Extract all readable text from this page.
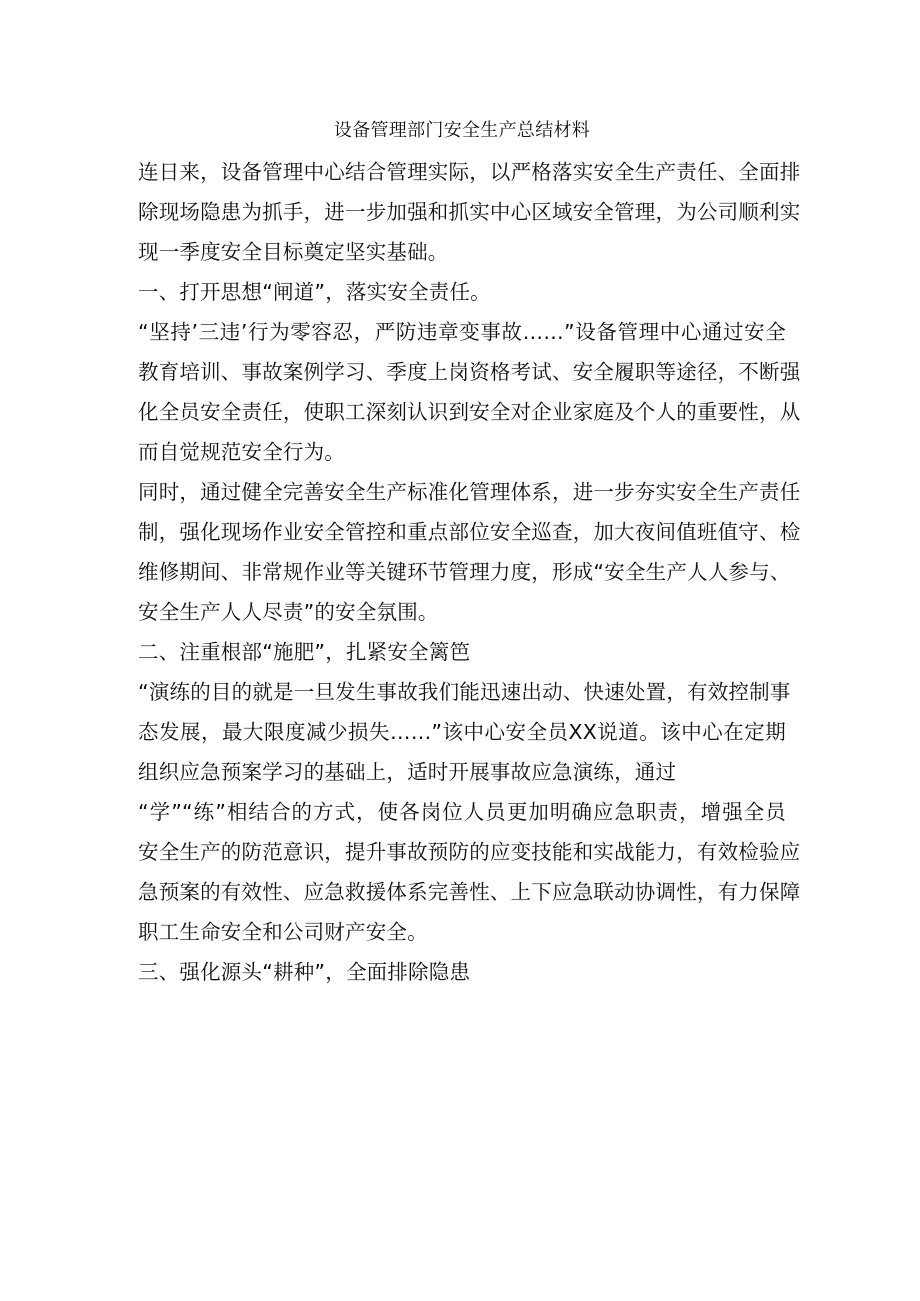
设备管理部门安全生产总结材料
连日来，设备管理中心结合管理实际，以严格落实安全生产责任、全面排
除现场隐患为抓手，进一步加强和抓实中心区域安全管理，为公司顺利实
现一季度安全目标奠定坚实基础。
一、打开思想“闸道”，落实安全责任。
“坚持’三违’行为零容忍，严防违章变事故……”设备管理中心通过安全
教育培训、事故案例学习、季度上岗资格考试、安全履职等途径，不断强
化全员安全责任，使职工深刻认识到安全对企业家庭及个人的重要性，从
而自觉规范安全行为。
同时，通过健全完善安全生产标准化管理体系，进一步夯实安全生产责任
制，强化现场作业安全管控和重点部位安全巡查，加大夜间值班值守、检
维修期间、非常规作业等关键环节管理力度，形成“安全生产人人参与、
安全生产人人尽责”的安全氛围。
二、注重根部“施肥”，扎紧安全篱笆
“演练的目的就是一旦发生事故我们能迅速出动、快速处置，有效控制事
态发展，最大限度减少损失……”该中心安全员XX说道。该中心在定期
组织应急预案学习的基础上，适时开展事故应急演练，通过
“学”“练”相结合的方式，使各岗位人员更加明确应急职责，增强全员
安全生产的防范意识，提升事故预防的应变技能和实战能力，有效检验应
急预案的有效性、应急救援体系完善性、上下应急联动协调性，有力保障
职工生命安全和公司财产安全。
三、强化源头“耕种”，全面排除隐患
